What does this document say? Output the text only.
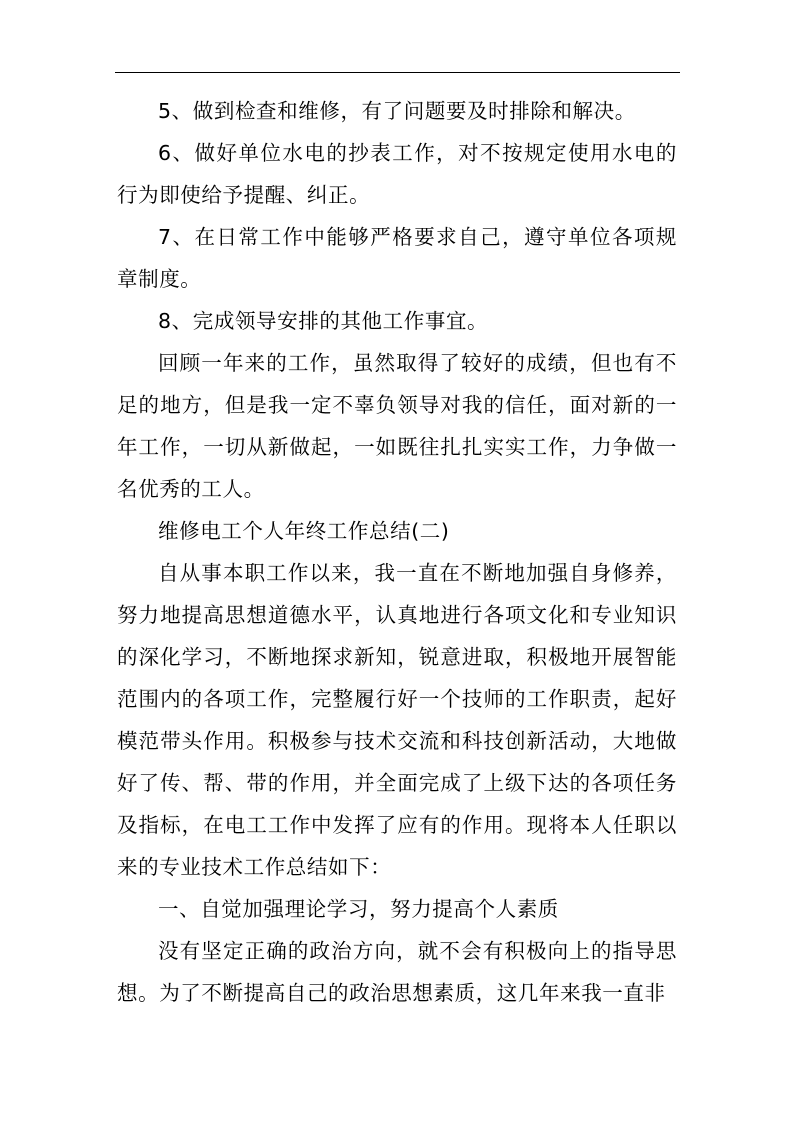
5、做到检查和维修，有了问题要及时排除和解决。

6、做好单位水电的抄表工作，对不按规定使用水电的行为即使给予提醒、纠正。

7、在日常工作中能够严格要求自己，遵守单位各项规章制度。

8、完成领导安排的其他工作事宜。

回顾一年来的工作，虽然取得了较好的成绩，但也有不足的地方，但是我一定不辜负领导对我的信任，面对新的一年工作，一切从新做起，一如既往扎扎实实工作，力争做一名优秀的工人。

维修电工个人年终工作总结(二)

自从事本职工作以来，我一直在不断地加强自身修养，努力地提高思想道德水平，认真地进行各项文化和专业知识的深化学习，不断地探求新知，锐意进取，积极地开展智能范围内的各项工作，完整履行好一个技师的工作职责，起好模范带头作用。积极参与技术交流和科技创新活动，大地做好了传、帮、带的作用，并全面完成了上级下达的各项任务及指标，在电工工作中发挥了应有的作用。现将本人任职以来的专业技术工作总结如下：

一、自觉加强理论学习，努力提高个人素质

没有坚定正确的政治方向，就不会有积极向上的指导思想。为了不断提高自己的政治思想素质，这几年来我一直非
